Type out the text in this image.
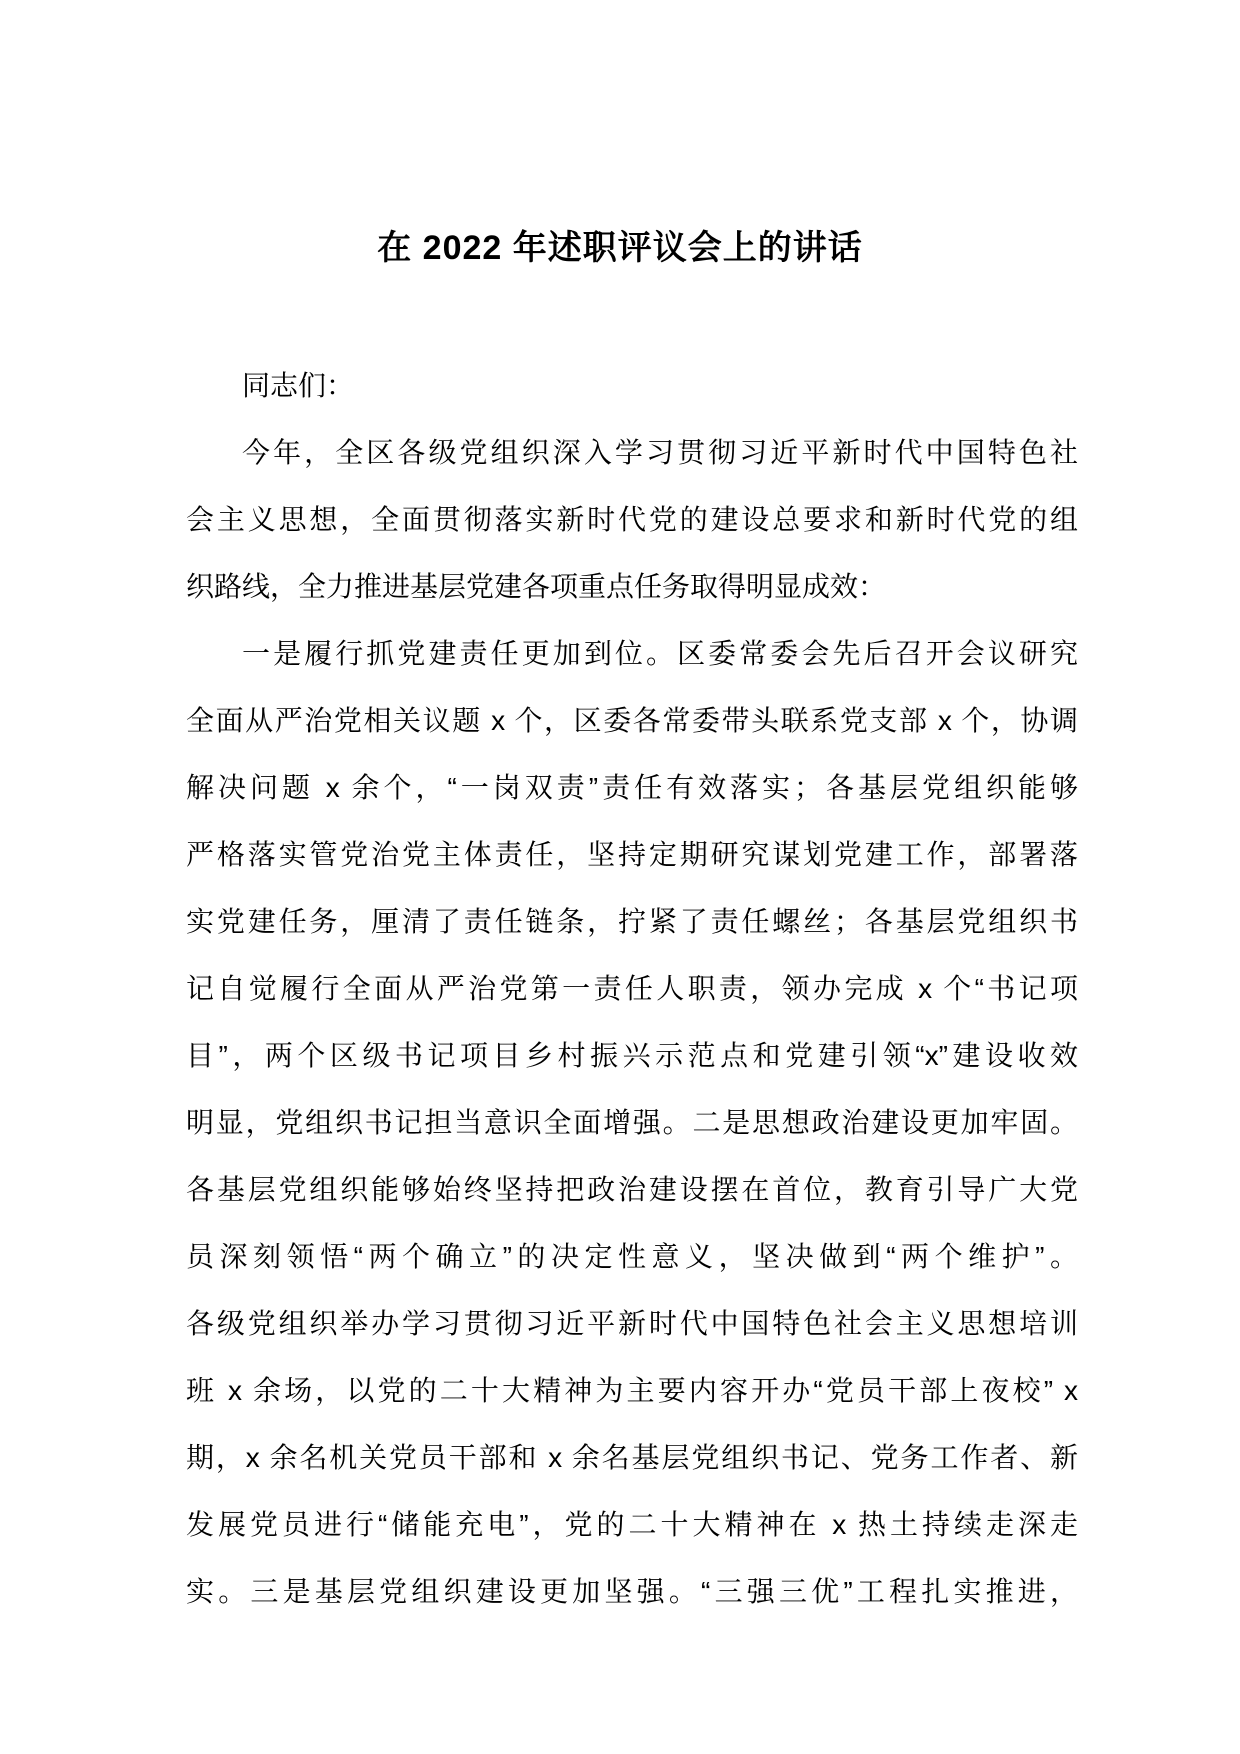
在 2022 年述职评议会上的讲话
同志们：
今年，全区各级党组织深入学习贯彻习近平新时代中国特色社
会主义思想，全面贯彻落实新时代党的建设总要求和新时代党的组
织路线，全力推进基层党建各项重点任务取得明显成效：
一是履行抓党建责任更加到位。区委常委会先后召开会议研究
全面从严治党相关议题 x 个，区委各常委带头联系党支部 x 个，协调
解决问题 x 余个，“一岗双责”责任有效落实；各基层党组织能够
严格落实管党治党主体责任，坚持定期研究谋划党建工作，部署落
实党建任务，厘清了责任链条，拧紧了责任螺丝；各基层党组织书
记自觉履行全面从严治党第一责任人职责，领办完成 x 个“书记项
目”，两个区级书记项目乡村振兴示范点和党建引领“x”建设收效
明显，党组织书记担当意识全面增强。二是思想政治建设更加牢固。
各基层党组织能够始终坚持把政治建设摆在首位，教育引导广大党
员深刻领悟“两个确立”的决定性意义，坚决做到“两个维护”。
各级党组织举办学习贯彻习近平新时代中国特色社会主义思想培训
班 x 余场，以党的二十大精神为主要内容开办“党员干部上夜校” x
期，x 余名机关党员干部和 x 余名基层党组织书记、党务工作者、新
发展党员进行“储能充电”，党的二十大精神在 x 热土持续走深走
实。三是基层党组织建设更加坚强。“三强三优”工程扎实推进，
